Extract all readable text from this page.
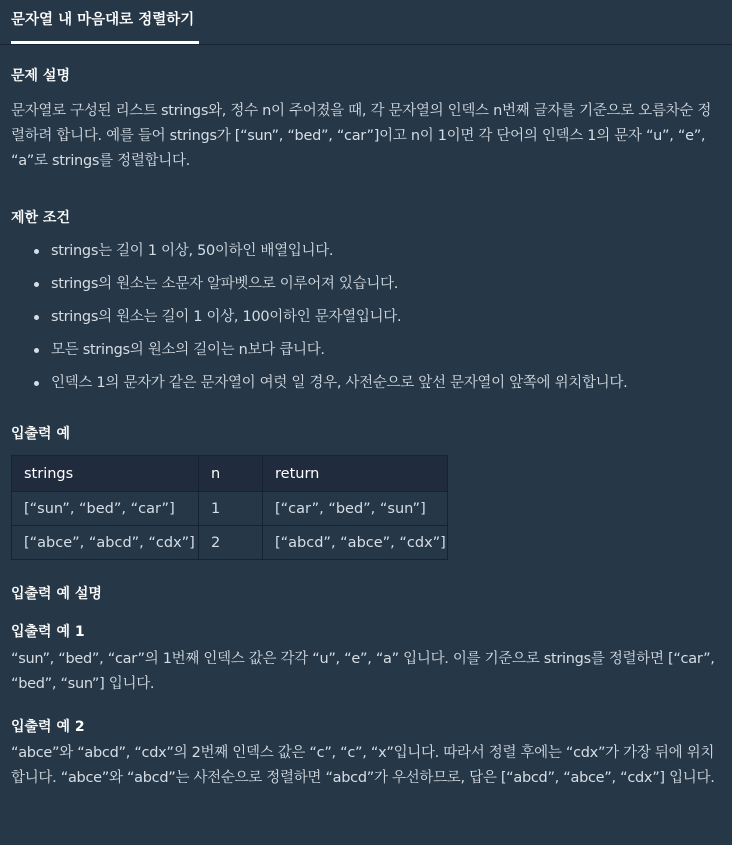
문자열 내 마음대로 정렬하기
문제 설명

문자열로 구성된 리스트 strings와, 정수 n이 주어졌을 때, 각 문자열의 인덱스 n번째 글자를 기준으로 오름차순 정렬하려 합니다. 예를 들어 strings가 [“sun”, “bed”, “car”]이고 n이 1이면 각 단어의 인덱스 1의 문자 “u”, “e”, “a”로 strings를 정렬합니다.

제한 조건
strings는 길이 1 이상, 50이하인 배열입니다.
strings의 원소는 소문자 알파벳으로 이루어져 있습니다.
strings의 원소는 길이 1 이상, 100이하인 문자열입니다.
모든 strings의 원소의 길이는 n보다 큽니다.
인덱스 1의 문자가 같은 문자열이 여럿 일 경우, 사전순으로 앞선 문자열이 앞쪽에 위치합니다.
입출력 예
strings	n	return
[“sun”, “bed”, “car”]	1	[“car”, “bed”, “sun”]
[“abce”, “abcd”, “cdx”]	2	[“abcd”, “abce”, “cdx”]
입출력 예 설명
입출력 예 1

“sun”, “bed”, “car”의 1번째 인덱스 값은 각각 “u”, “e”, “a” 입니다. 이를 기준으로 strings를 정렬하면 [“car”, “bed”, “sun”] 입니다.

입출력 예 2

“abce”와 “abcd”, “cdx”의 2번째 인덱스 값은 “c”, “c”, “x”입니다. 따라서 정렬 후에는 “cdx”가 가장 뒤에 위치합니다. “abce”와 “abcd”는 사전순으로 정렬하면 “abcd”가 우선하므로, 답은 [“abcd”, “abce”, “cdx”] 입니다.
